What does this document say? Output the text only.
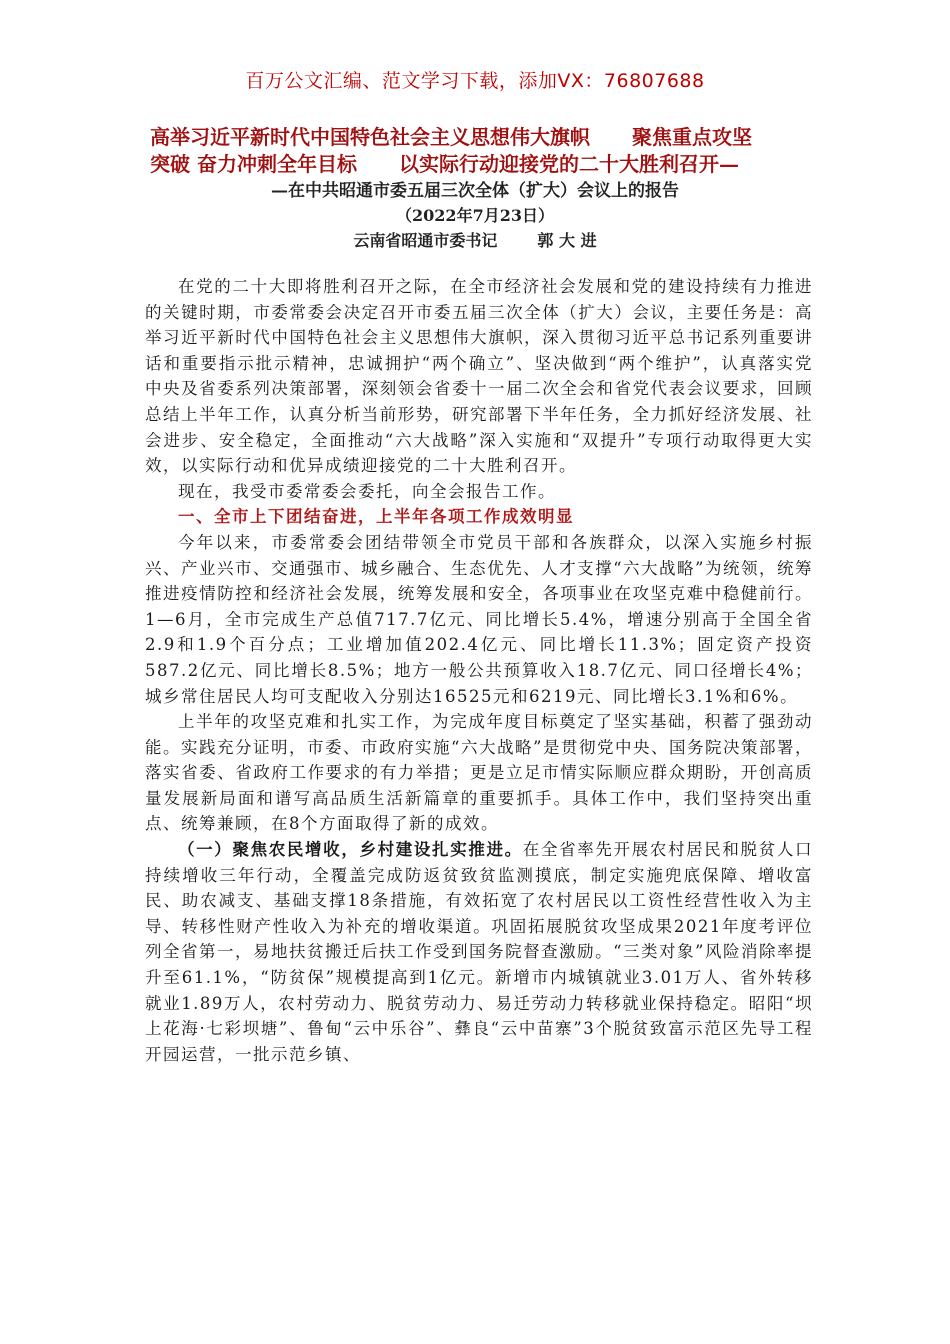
百万公文汇编、范文学习下载，添加VX：76807688
高举习近平新时代中国特色社会主义思想伟大旗帜 聚焦重点攻坚
突破 奋力冲刺全年目标 以实际行动迎接党的二十大胜利召开—
—在中共昭通市委五届三次全体（扩大）会议上的报告
（2022年7月23日）
云南省昭通市委书记	郭 大 进

在党的二十大即将胜利召开之际，在全市经济社会发展和党的建设持续有力推进的关键时期，市委常委会决定召开市委五届三次全体（扩大）会议，主要任务是：高举习近平新时代中国特色社会主义思想伟大旗帜，深入贯彻习近平总书记系列重要讲话和重要指示批示精神，忠诚拥护“两个确立”、坚决做到“两个维护”，认真落实党中央及省委系列决策部署，深刻领会省委十一届二次全会和省党代表会议要求，回顾总结上半年工作，认真分析当前形势，研究部署下半年任务，全力抓好经济发展、社会进步、安全稳定，全面推动“六大战略”深入实施和“双提升”专项行动取得更大实效，以实际行动和优异成绩迎接党的二十大胜利召开。

现在，我受市委常委会委托，向全会报告工作。

一、全市上下团结奋进，上半年各项工作成效明显

今年以来，市委常委会团结带领全市党员干部和各族群众，以深入实施乡村振兴、产业兴市、交通强市、城乡融合、生态优先、人才支撑“六大战略”为统领，统筹推进疫情防控和经济社会发展，统筹发展和安全，各项事业在攻坚克难中稳健前行。1—6月，全市完成生产总值717.7亿元、同比增长5.4%，增速分别高于全国全省2.9和1.9个百分点；工业增加值202.4亿元、同比增长11.3%；固定资产投资587.2亿元、同比增长8.5%；地方一般公共预算收入18.7亿元、同口径增长4%；城乡常住居民人均可支配收入分别达16525元和6219元、同比增长3.1%和6%。

上半年的攻坚克难和扎实工作，为完成年度目标奠定了坚实基础，积蓄了强劲动能。实践充分证明，市委、市政府实施“六大战略”是贯彻党中央、国务院决策部署，落实省委、省政府工作要求的有力举措；更是立足市情实际顺应群众期盼，开创高质量发展新局面和谱写高品质生活新篇章的重要抓手。具体工作中，我们坚持突出重点、统筹兼顾，在8个方面取得了新的成效。

（一）聚焦农民增收，乡村建设扎实推进。在全省率先开展农村居民和脱贫人口持续增收三年行动，全覆盖完成防返贫致贫监测摸底，制定实施兜底保障、增收富民、助农减支、基础支撑18条措施，有效拓宽了农村居民以工资性经营性收入为主导、转移性财产性收入为补充的增收渠道。巩固拓展脱贫攻坚成果2021年度考评位列全省第一，易地扶贫搬迁后扶工作受到国务院督查激励。“三类对象”风险消除率提升至61.1%，“防贫保”规模提高到1亿元。新增市内城镇就业3.01万人、省外转移就业1.89万人，农村劳动力、脱贫劳动力、易迁劳动力转移就业保持稳定。昭阳“坝上花海·七彩坝塘”、鲁甸“云中乐谷”、彝良“云中苗寨”3个脱贫致富示范区先导工程开园运营，一批示范乡镇、
